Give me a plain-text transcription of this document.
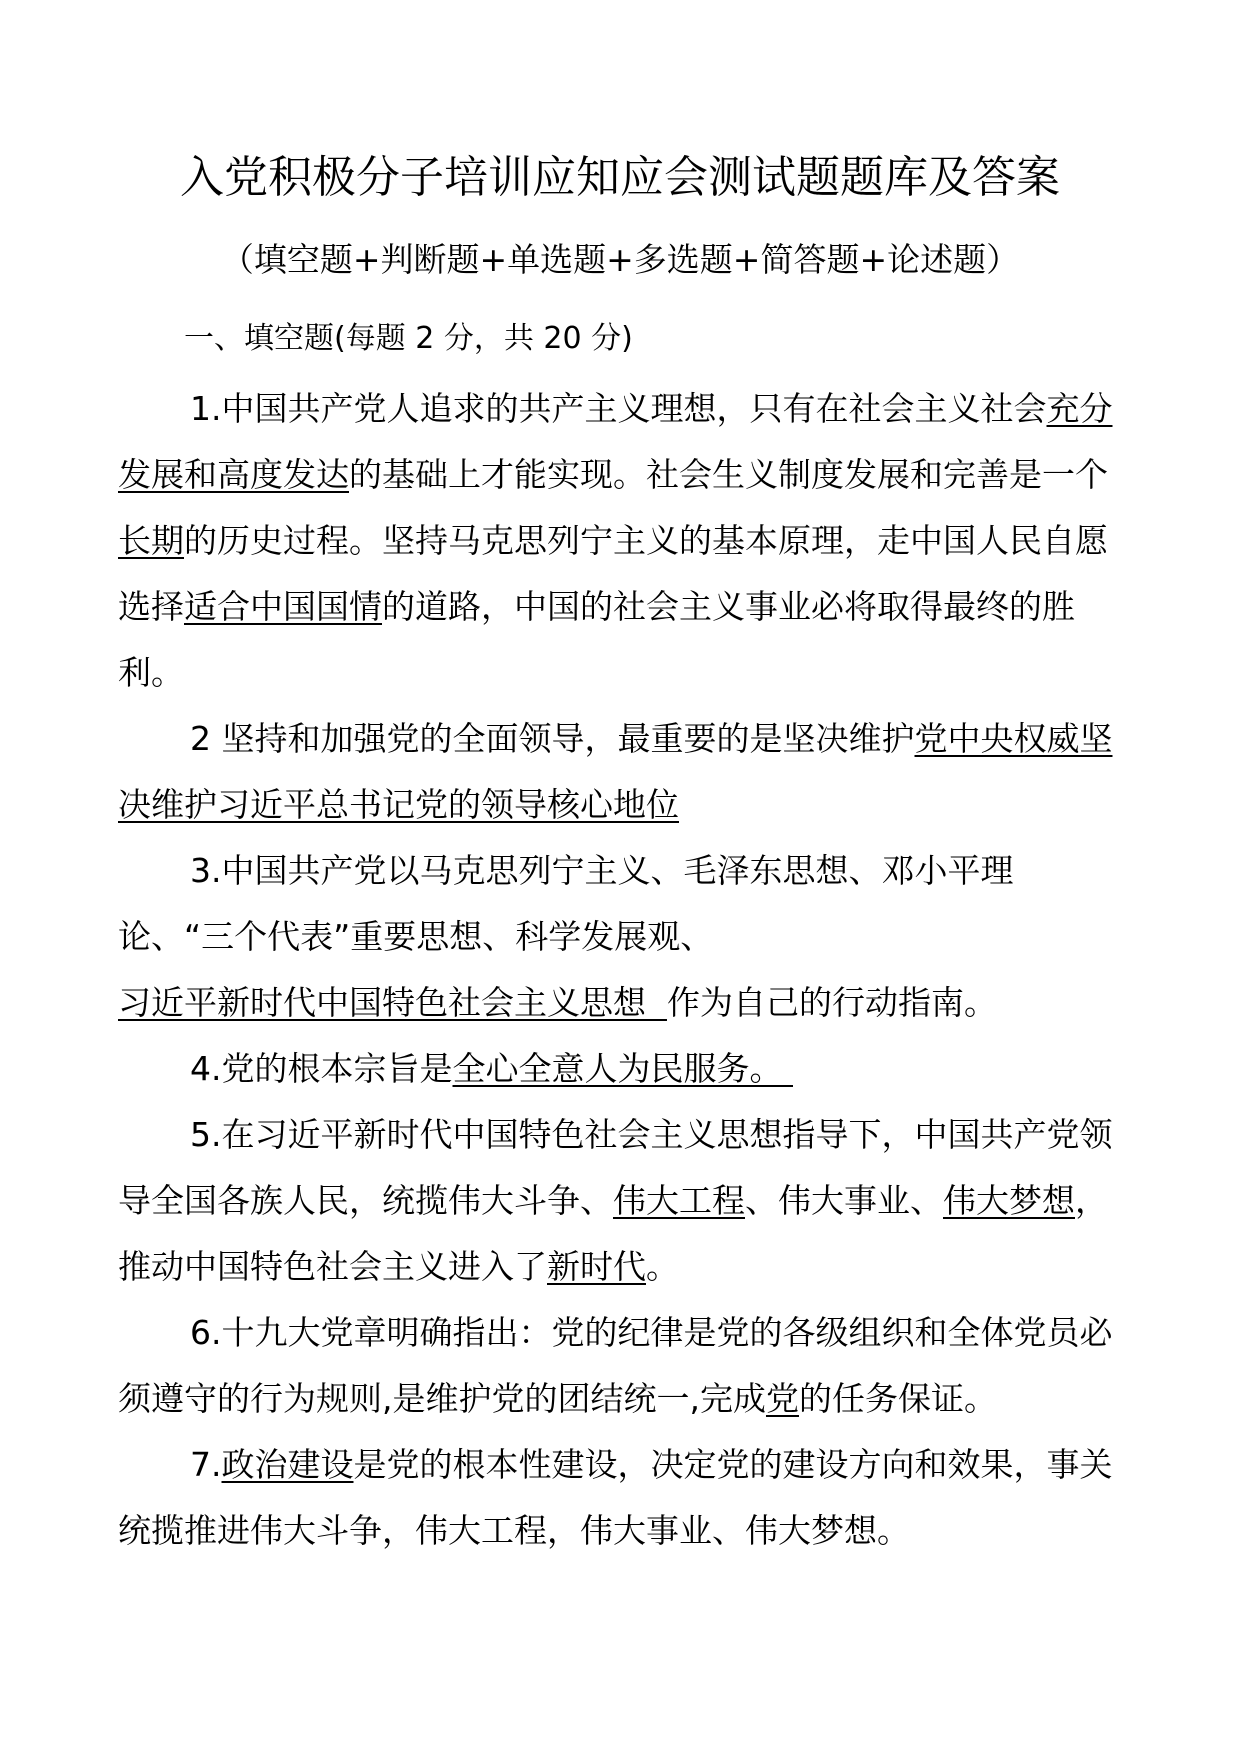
入党积极分子培训应知应会测试题题库及答案
（填空题+判断题+单选题+多选题+简答题+论述题）
一、填空题(每题 2 分，共 20 分)

1.中国共产党人追求的共产主义理想，只有在社会主义社会充分发展和高度发达的基础上才能实现。社会生义制度发展和完善是一个长期的历史过程。坚持马克思列宁主义的基本原理，走中国人民自愿选择适合中国国情的道路，中国的社会主义事业必将取得最终的胜利。

2 坚持和加强党的全面领导，最重要的是坚决维护党中央权威坚决维护习近平总书记党的领导核心地位

3.中国共产党以马克思列宁主义、毛泽东思想、邓小平理论、“三个代表”重要思想、科学发展观、习近平新时代中国特色社会主义思想  作为自己的行动指南。

4.党的根本宗旨是全心全意人为民服务。

5.在习近平新时代中国特色社会主义思想指导下，中国共产党领导全国各族人民，统揽伟大斗争、伟大工程、伟大事业、伟大梦想，推动中国特色社会主义进入了新时代。

6.十九大党章明确指出：党的纪律是党的各级组织和全体党员必须遵守的行为规则,是维护党的团结统一,完成党的任务保证。

7.政治建设是党的根本性建设，决定党的建设方向和效果，事关统揽推进伟大斗争，伟大工程，伟大事业、伟大梦想。
